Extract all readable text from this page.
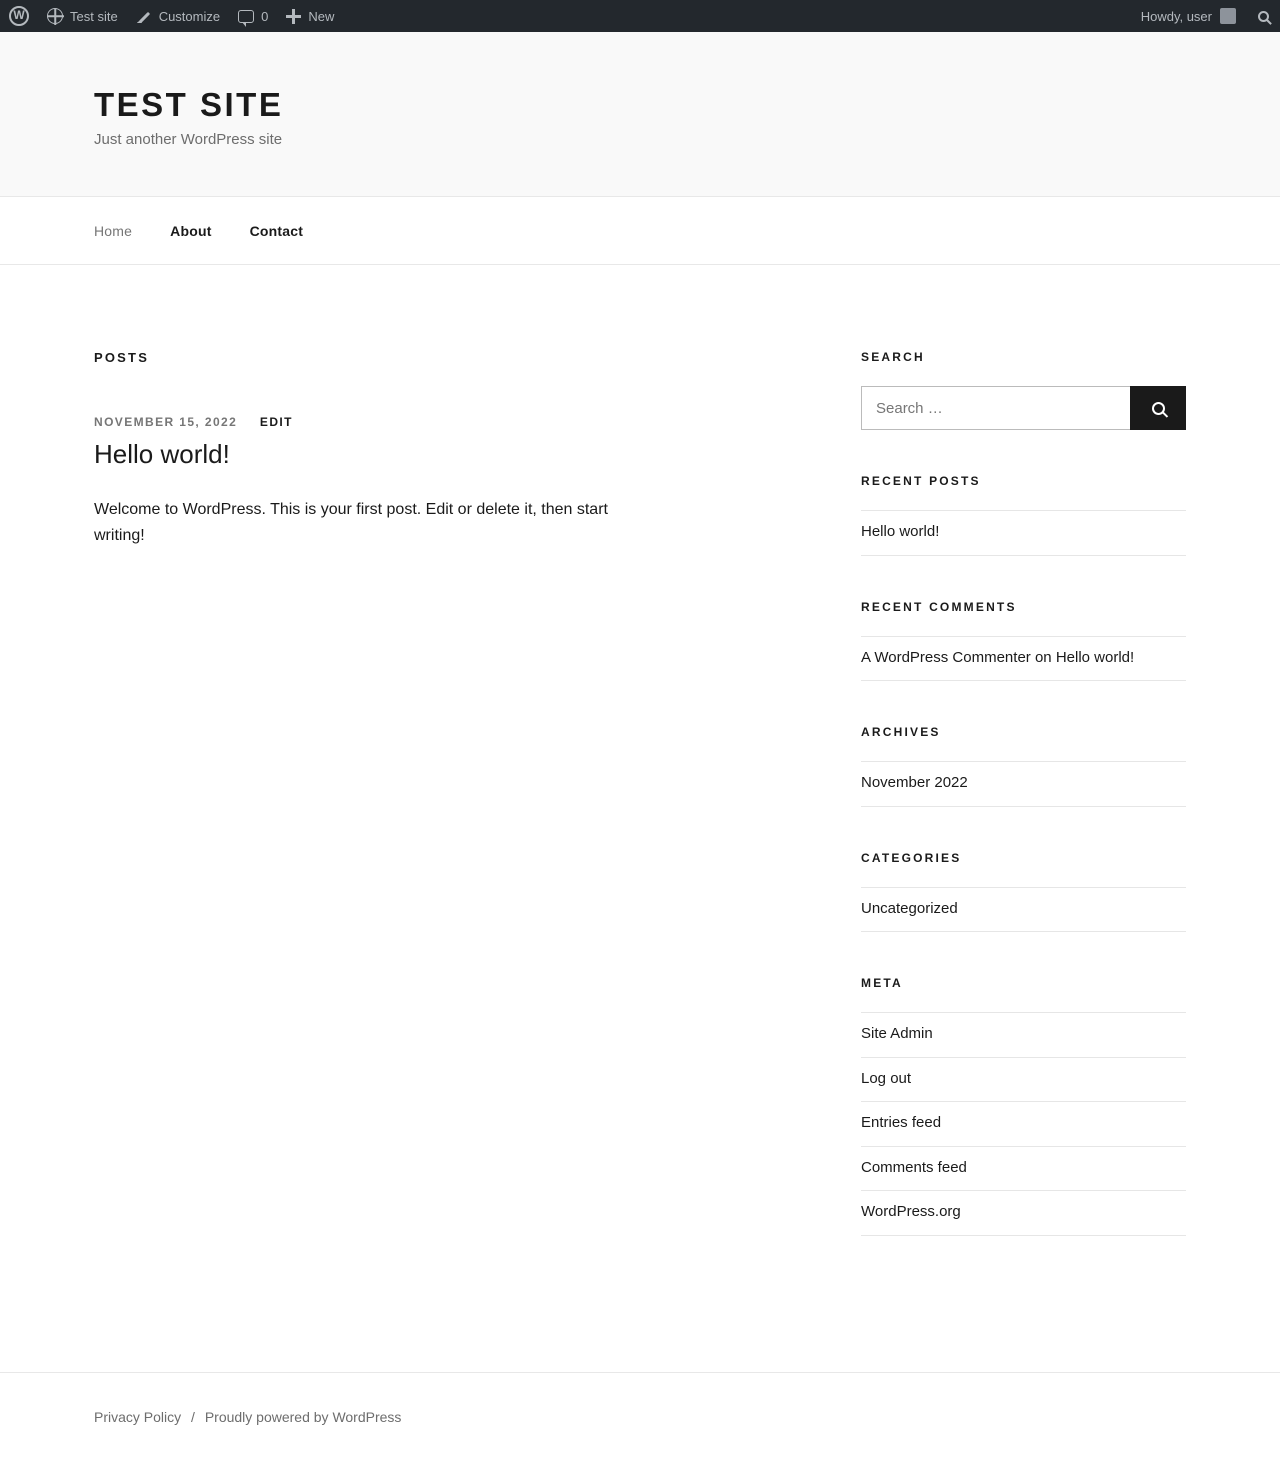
W
Test site	Customize	0	New	Howdy, user
TEST SITE

Just another WordPress site

Home	About	Contact
POSTS
NOVEMBER 15, 2022 EDIT
Hello world!

Welcome to WordPress. This is your first post. Edit or delete it, then start writing!

SEARCH
Search …
RECENT POSTS
Hello world!
RECENT COMMENTS
A WordPress Commenter on Hello world!
ARCHIVES
November 2022
CATEGORIES
Uncategorized
META
Site Admin
Log out
Entries feed
Comments feed
WordPress.org
Privacy Policy / Proudly powered by WordPress
